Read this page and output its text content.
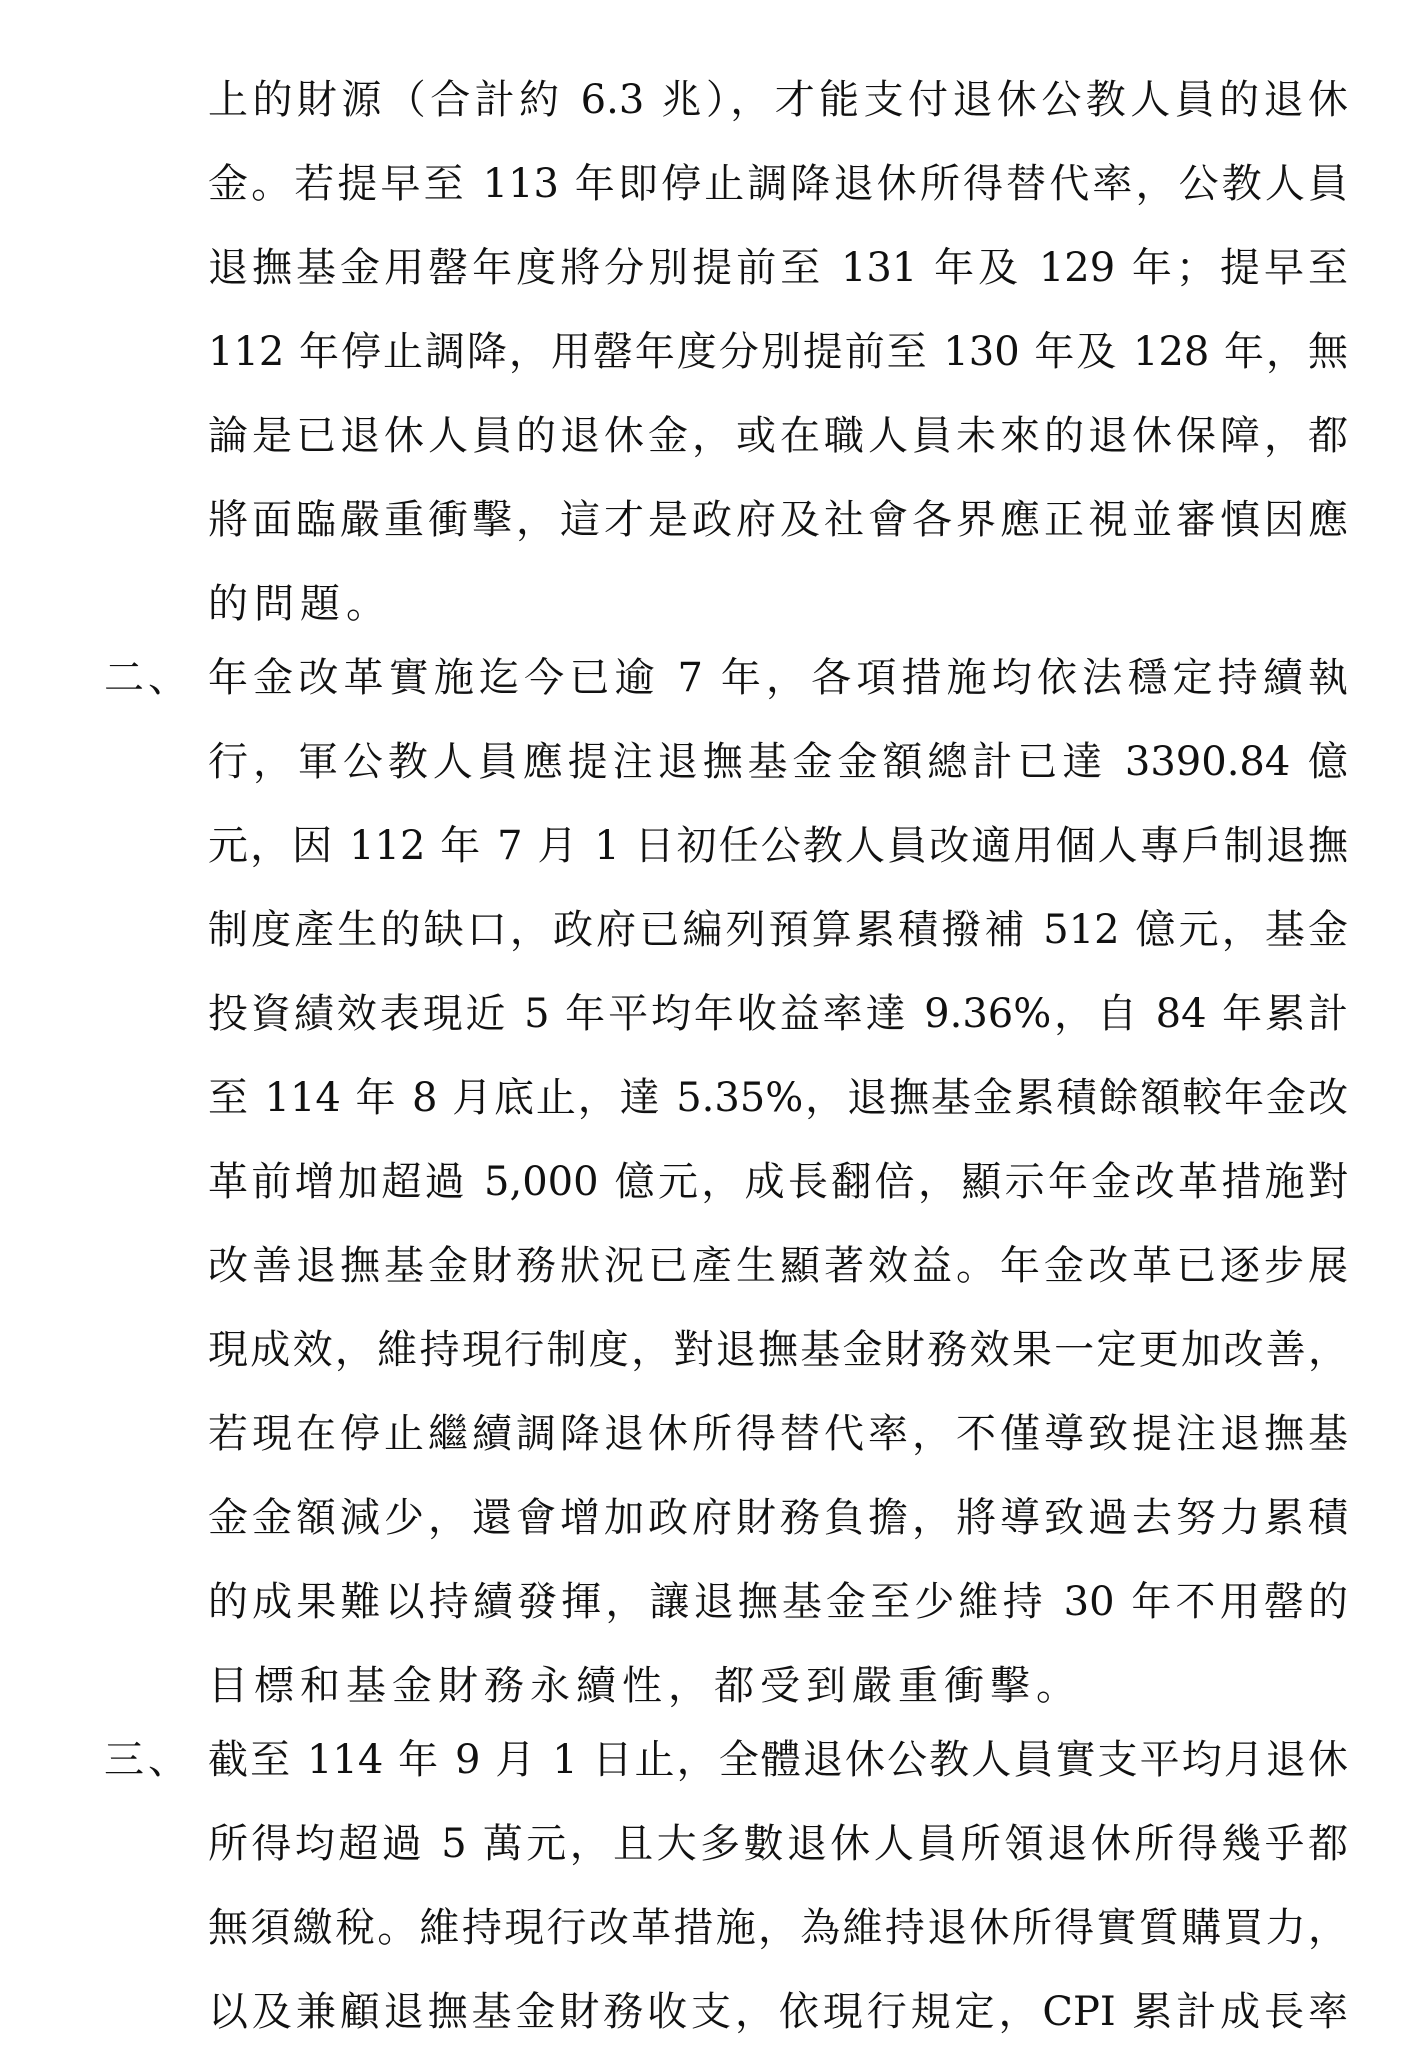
上的財源（合計約 6.3 兆），才能支付退休公教人員的退休
金。若提早至 113 年即停止調降退休所得替代率，公教人員
退撫基金用罄年度將分別提前至 131 年及 129 年；提早至
112 年停止調降，用罄年度分別提前至 130 年及 128 年，無
論是已退休人員的退休金，或在職人員未來的退休保障，都
將面臨嚴重衝擊，這才是政府及社會各界應正視並審慎因應
的問題。
二、 年金改革實施迄今已逾 7 年，各項措施均依法穩定持續執
行，軍公教人員應提注退撫基金金額總計已達 3390.84 億
元，因 112 年 7 月 1 日初任公教人員改適用個人專戶制退撫
制度產生的缺口，政府已編列預算累積撥補 512 億元，基金
投資績效表現近 5 年平均年收益率達 9.36%，自 84 年累計
至 114 年 8 月底止，達 5.35%，退撫基金累積餘額較年金改
革前增加超過 5,000 億元，成長翻倍，顯示年金改革措施對
改善退撫基金財務狀況已產生顯著效益。年金改革已逐步展
現成效，維持現行制度，對退撫基金財務效果一定更加改善，
若現在停止繼續調降退休所得替代率，不僅導致提注退撫基
金金額減少，還會增加政府財務負擔，將導致過去努力累積
的成果難以持續發揮，讓退撫基金至少維持 30 年不用罄的
目標和基金財務永續性，都受到嚴重衝擊。
三、 截至 114 年 9 月 1 日止，全體退休公教人員實支平均月退休
所得均超過 5 萬元，且大多數退休人員所領退休所得幾乎都
無須繳稅。維持現行改革措施，為維持退休所得實質購買力，
以及兼顧退撫基金財務收支，依現行規定，CPI 累計成長率
